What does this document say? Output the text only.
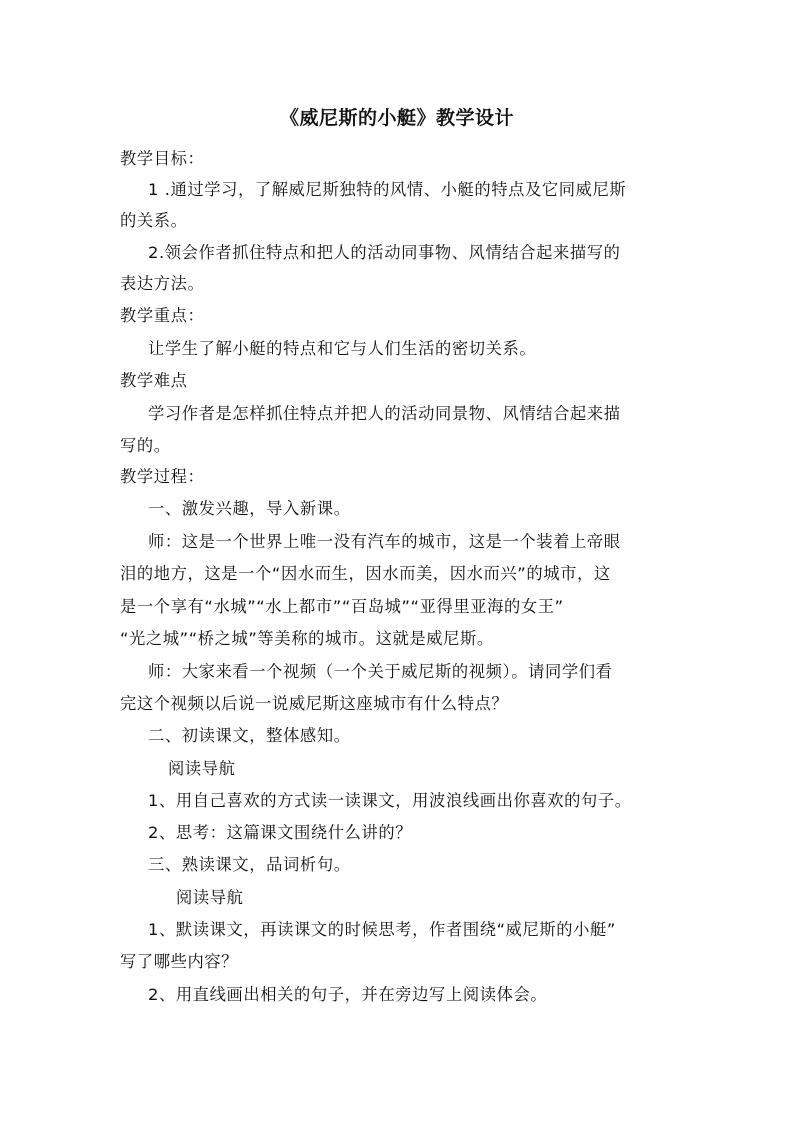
《威尼斯的小艇》教学设计
教学目标：
1 .通过学习，了解威尼斯独特的风情、小艇的特点及它同威尼斯
的关系。
2.领会作者抓住特点和把人的活动同事物、风情结合起来描写的
表达方法。
教学重点：
让学生了解小艇的特点和它与人们生活的密切关系。
教学难点
学习作者是怎样抓住特点并把人的活动同景物、风情结合起来描
写的。
教学过程：
一、激发兴趣，导入新课。
师：这是一个世界上唯一没有汽车的城市，这是一个装着上帝眼
泪的地方，这是一个“因水而生，因水而美，因水而兴”的城市，这
是一个享有“水城”“水上都市”“百岛城”“亚得里亚海的女王”
“光之城”“桥之城”等美称的城市。这就是威尼斯。
师：大家来看一个视频（一个关于威尼斯的视频）。请同学们看
完这个视频以后说一说威尼斯这座城市有什么特点？
二、初读课文，整体感知。
阅读导航
1、用自己喜欢的方式读一读课文，用波浪线画出你喜欢的句子。
2、思考：这篇课文围绕什么讲的？
三、熟读课文，品词析句。
阅读导航
1、默读课文，再读课文的时候思考，作者围绕“威尼斯的小艇”
写了哪些内容？
2、用直线画出相关的句子，并在旁边写上阅读体会。
